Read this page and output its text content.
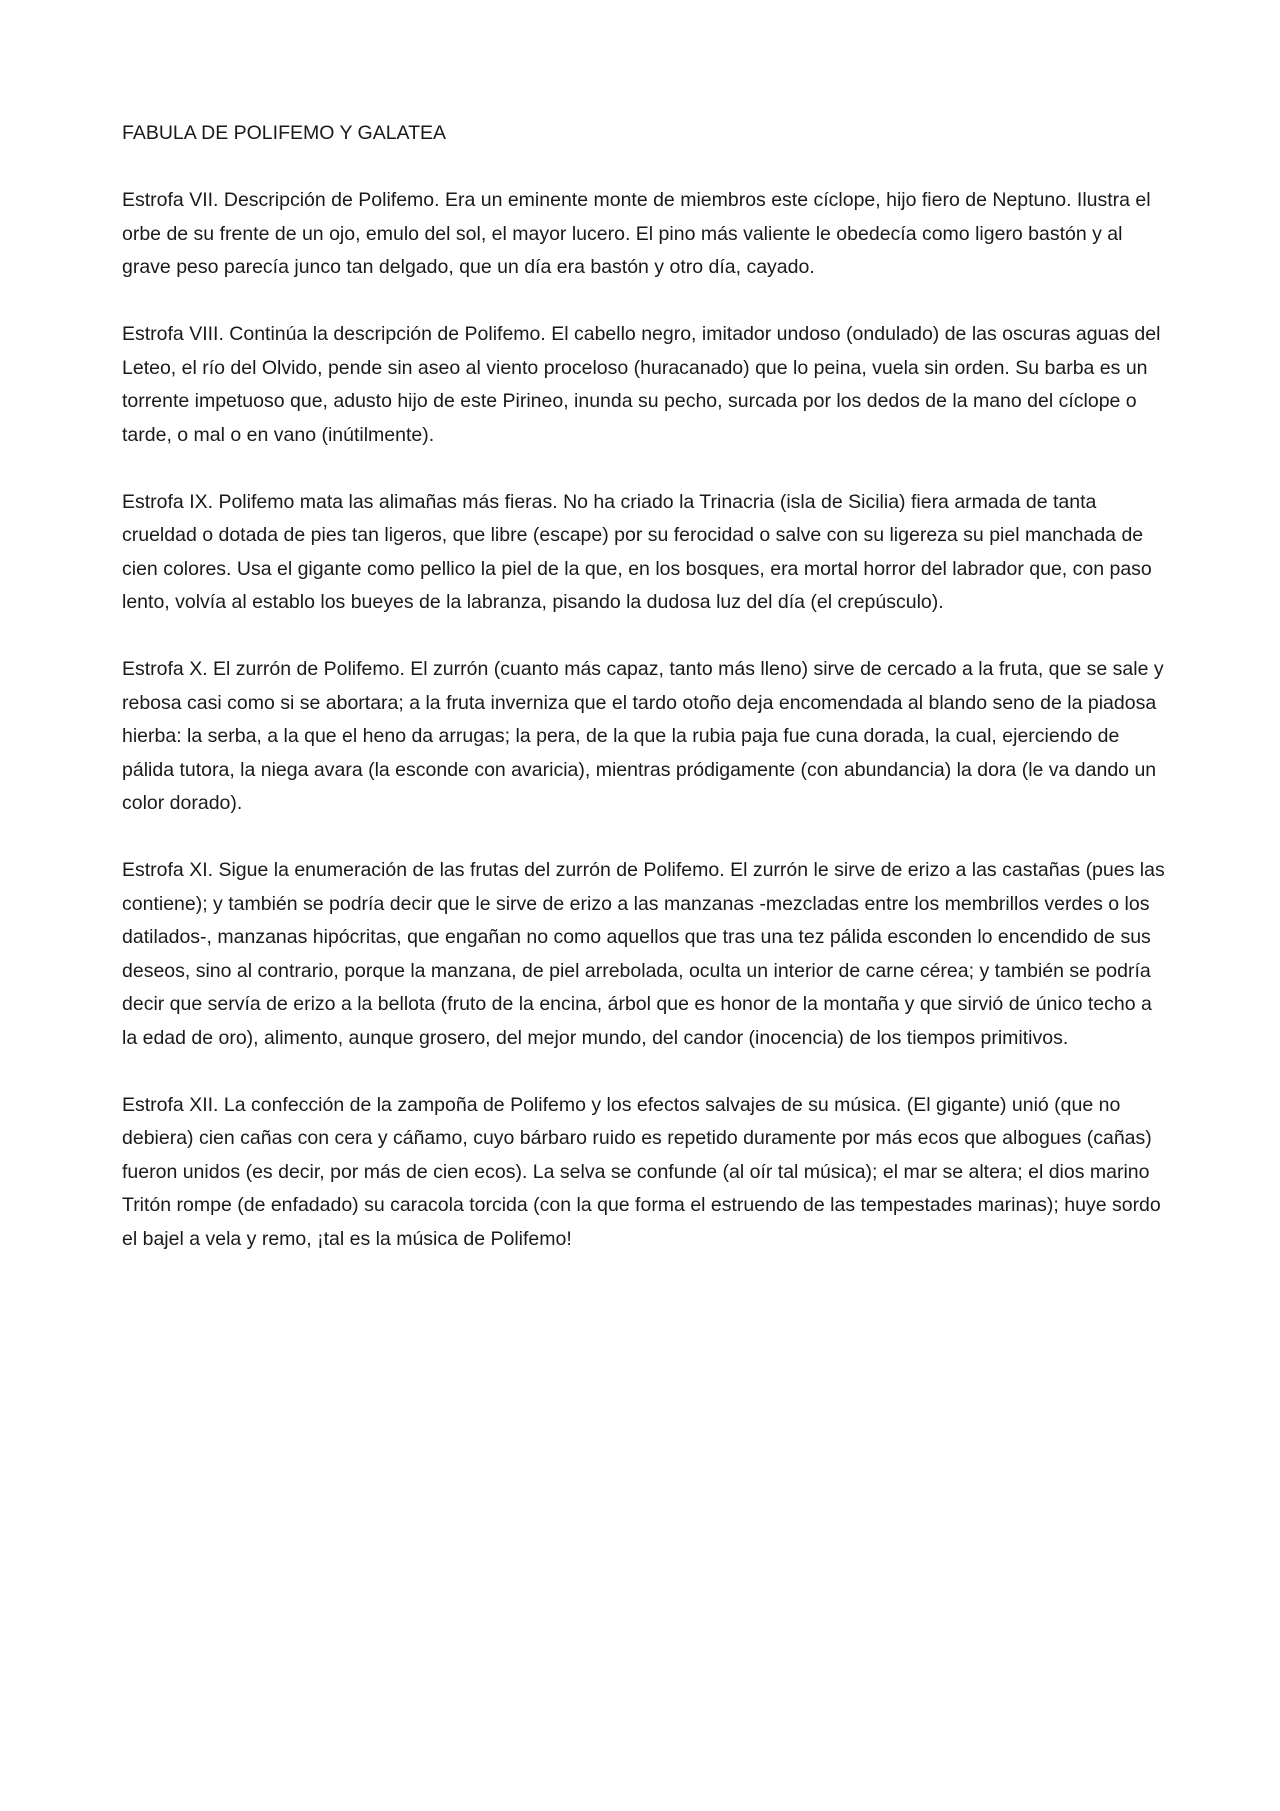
FABULA DE POLIFEMO Y GALATEA

Estrofa VII. Descripción de Polifemo. Era un eminente monte de miembros este cíclope, hijo fiero de Neptuno. Ilustra el orbe de su frente de un ojo, emulo del sol, el mayor lucero. El pino más valiente le obedecía como ligero bastón y al grave peso parecía junco tan delgado, que un día era bastón y otro día, cayado.

Estrofa VIII. Continúa la descripción de Polifemo. El cabello negro, imitador undoso (ondulado) de las oscuras aguas del Leteo, el río del Olvido, pende sin aseo al viento proceloso (huracanado) que lo peina, vuela sin orden. Su barba es un torrente impetuoso que, adusto hijo de este Pirineo, inunda su pecho, surcada por los dedos de la mano del cíclope o tarde, o mal o en vano (inútilmente).

Estrofa IX. Polifemo mata las alimañas más fieras. No ha criado la Trinacria (isla de Sicilia) fiera armada de tanta crueldad o dotada de pies tan ligeros, que libre (escape) por su ferocidad o salve con su ligereza su piel manchada de cien colores. Usa el gigante como pellico la piel de la que, en los bosques, era mortal horror del labrador que, con paso lento, volvía al establo los bueyes de la labranza, pisando la dudosa luz del día (el crepúsculo).

Estrofa X. El zurrón de Polifemo. El zurrón (cuanto más capaz, tanto más lleno) sirve de cercado a la fruta, que se sale y rebosa casi como si se abortara; a la fruta inverniza que el tardo otoño deja encomendada al blando seno de la piadosa hierba: la serba, a la que el heno da arrugas; la pera, de la que la rubia paja fue cuna dorada, la cual, ejerciendo de pálida tutora, la niega avara (la esconde con avaricia), mientras pródigamente (con abundancia) la dora (le va dando un color dorado).

Estrofa XI. Sigue la enumeración de las frutas del zurrón de Polifemo. El zurrón le sirve de erizo a las castañas (pues las contiene); y también se podría decir que le sirve de erizo a las manzanas -mezcladas entre los membrillos verdes o los datilados-, manzanas hipócritas, que engañan no como aquellos que tras una tez pálida esconden lo encendido de sus deseos, sino al contrario, porque la manzana, de piel arrebolada, oculta un interior de carne cérea; y también se podría decir que servía de erizo a la bellota (fruto de la encina, árbol que es honor de la montaña y que sirvió de único techo a la edad de oro), alimento, aunque grosero, del mejor mundo, del candor (inocencia) de los tiempos primitivos.

Estrofa XII. La confección de la zampoña de Polifemo y los efectos salvajes de su música. (El gigante) unió (que no debiera) cien cañas con cera y cáñamo, cuyo bárbaro ruido es repetido duramente por más ecos que albogues (cañas) fueron unidos (es decir, por más de cien ecos). La selva se confunde (al oír tal música); el mar se altera; el dios marino Tritón rompe (de enfadado) su caracola torcida (con la que forma el estruendo de las tempestades marinas); huye sordo el bajel a vela y remo, ¡tal es la música de Polifemo!
